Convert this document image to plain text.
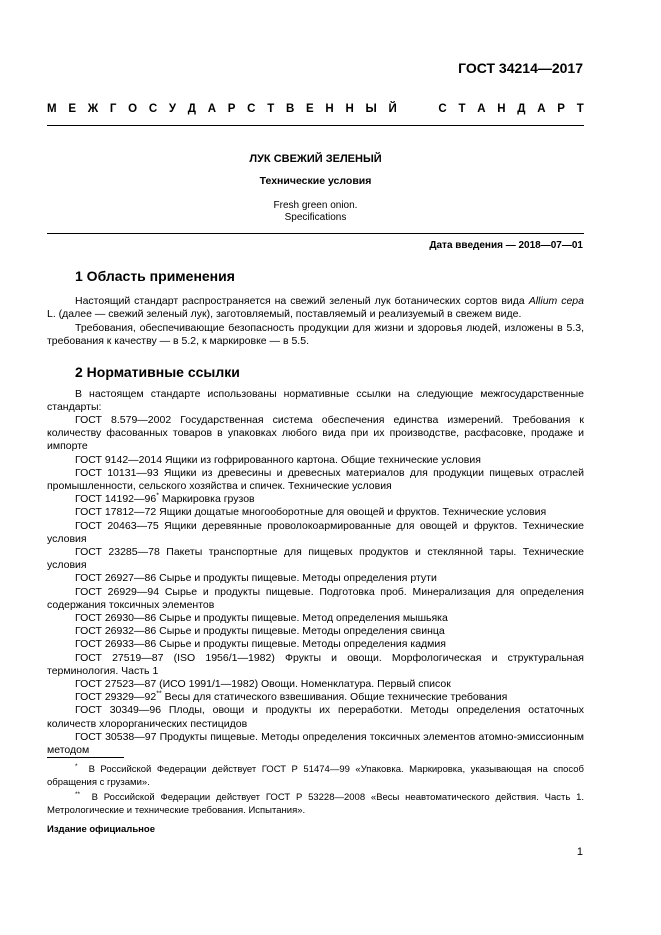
ГОСТ 34214—2017
М Е Ж Г О С У Д А Р С Т В Е Н Н Ы Й

	С Т А Н Д А Р Т
ЛУК СВЕЖИЙ ЗЕЛЕНЫЙ
Технические условия
Fresh green onion.
Specifications
Дата введения — 2018—07—01
1 Область применения
Настоящий стандарт распространяется на свежий зеленый лук ботанических сортов вида Allium cepa L. (далее — свежий зеленый лук), заготовляемый, поставляемый и реализуемый в свежем виде.
Требования, обеспечивающие безопасность продукции для жизни и здоровья людей, изложены в 5.3, требования к качеству — в 5.2, к маркировке — в 5.5.
2 Нормативные ссылки
В настоящем стандарте использованы нормативные ссылки на следующие межгосударственные стандарты:
ГОСТ 8.579—2002 Государственная система обеспечения единства измерений. Требования к количеству фасованных товаров в упаковках любого вида при их производстве, расфасовке, продаже и импорте
ГОСТ 9142—2014 Ящики из гофрированного картона. Общие технические условия
ГОСТ 10131—93 Ящики из древесины и древесных материалов для продукции пищевых отраслей промышленности, сельского хозяйства и спичек. Технические условия
ГОСТ 14192—96* Маркировка грузов
ГОСТ 17812—72 Ящики дощатые многооборотные для овощей и фруктов. Технические условия
ГОСТ 20463—75 Ящики деревянные проволокоармированные для овощей и фруктов. Технические условия
ГОСТ 23285—78 Пакеты транспортные для пищевых продуктов и стеклянной тары. Технические условия
ГОСТ 26927—86 Сырье и продукты пищевые. Методы определения ртути
ГОСТ 26929—94 Сырье и продукты пищевые. Подготовка проб. Минерализация для определения содержания токсичных элементов
ГОСТ 26930—86 Сырье и продукты пищевые. Метод определения мышьяка
ГОСТ 26932—86 Сырье и продукты пищевые. Методы определения свинца
ГОСТ 26933—86 Сырье и продукты пищевые. Методы определения кадмия
ГОСТ 27519—87 (ISO 1956/1—1982) Фрукты и овощи. Морфологическая и структуральная терминология. Часть 1
ГОСТ 27523—87 (ИСО 1991/1—1982) Овощи. Номенклатура. Первый список
ГОСТ 29329—92** Весы для статического взвешивания. Общие технические требования
ГОСТ 30349—96 Плоды, овощи и продукты их переработки. Методы определения остаточных количеств хлорорганических пестицидов
ГОСТ 30538—97 Продукты пищевые. Методы определения токсичных элементов атомно-эмиссионным методом
* В Российской Федерации действует ГОСТ Р 51474—99 «Упаковка. Маркировка, указывающая на способ обращения с грузами».
** В Российской Федерации действует ГОСТ Р 53228—2008 «Весы неавтоматического действия. Часть 1. Метрологические и технические требования. Испытания».
Издание официальное
1
